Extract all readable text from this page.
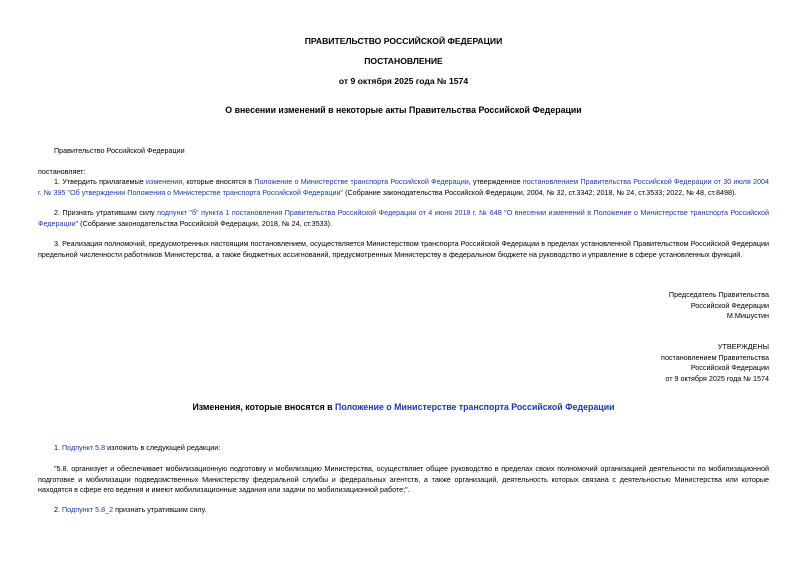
ПРАВИТЕЛЬСТВО РОССИЙСКОЙ ФЕДЕРАЦИИ
ПОСТАНОВЛЕНИЕ
от 9 октября 2025 года № 1574
О внесении изменений в некоторые акты Правительства Российской Федерации
Правительство Российской Федерации
постановляет:
1. Утвердить прилагаемые изменения, которые вносятся в Положение о Министерстве транспорта Российской Федерации, утвержденное постановлением Правительства Российской Федерации от 30 июля 2004 г. № 395 "Об утверждении Положения о Министерстве транспорта Российской Федерации" (Собрание законодательства Российской Федерации, 2004, № 32, ст.3342; 2018, № 24, ст.3533; 2022, № 48, ст.8498).
2. Признать утратившим силу подпункт "б" пункта 1 постановления Правительства Российской Федерации от 4 июня 2018 г. № 648 "О внесении изменений в Положение о Министерстве транспорта Российской Федерации" (Собрание законодательства Российской Федерации, 2018, № 24, ст.3533).
3. Реализация полномочий, предусмотренных настоящим постановлением, осуществляется Министерством транспорта Российской Федерации в пределах установленной Правительством Российской Федерации предельной численности работников Министерства, а также бюджетных ассигнований, предусмотренных Министерству в федеральном бюджете на руководство и управление в сфере установленных функций.
Председатель Правительства
Российской Федерации
М.Мишустин
УТВЕРЖДЕНЫ
постановлением Правительства
Российской Федерации
от 9 октября 2025 года № 1574
Изменения, которые вносятся в Положение о Министерстве транспорта Российской Федерации
1. Подпункт 5.8 изложить в следующей редакции:
"5.8. организует и обеспечивает мобилизационную подготовку и мобилизацию Министерства, осуществляет общее руководство в пределах своих полномочий организацией деятельности по мобилизационной подготовке и мобилизации подведомственных Министерству федеральной службы и федеральных агентств, а также организаций, деятельность которых связана с деятельностью Министерства или которые находятся в сфере его ведения и имеют мобилизационные задания или задачи по мобилизационной работе;".
2. Подпункт 5.8_2 признать утратившим силу.
